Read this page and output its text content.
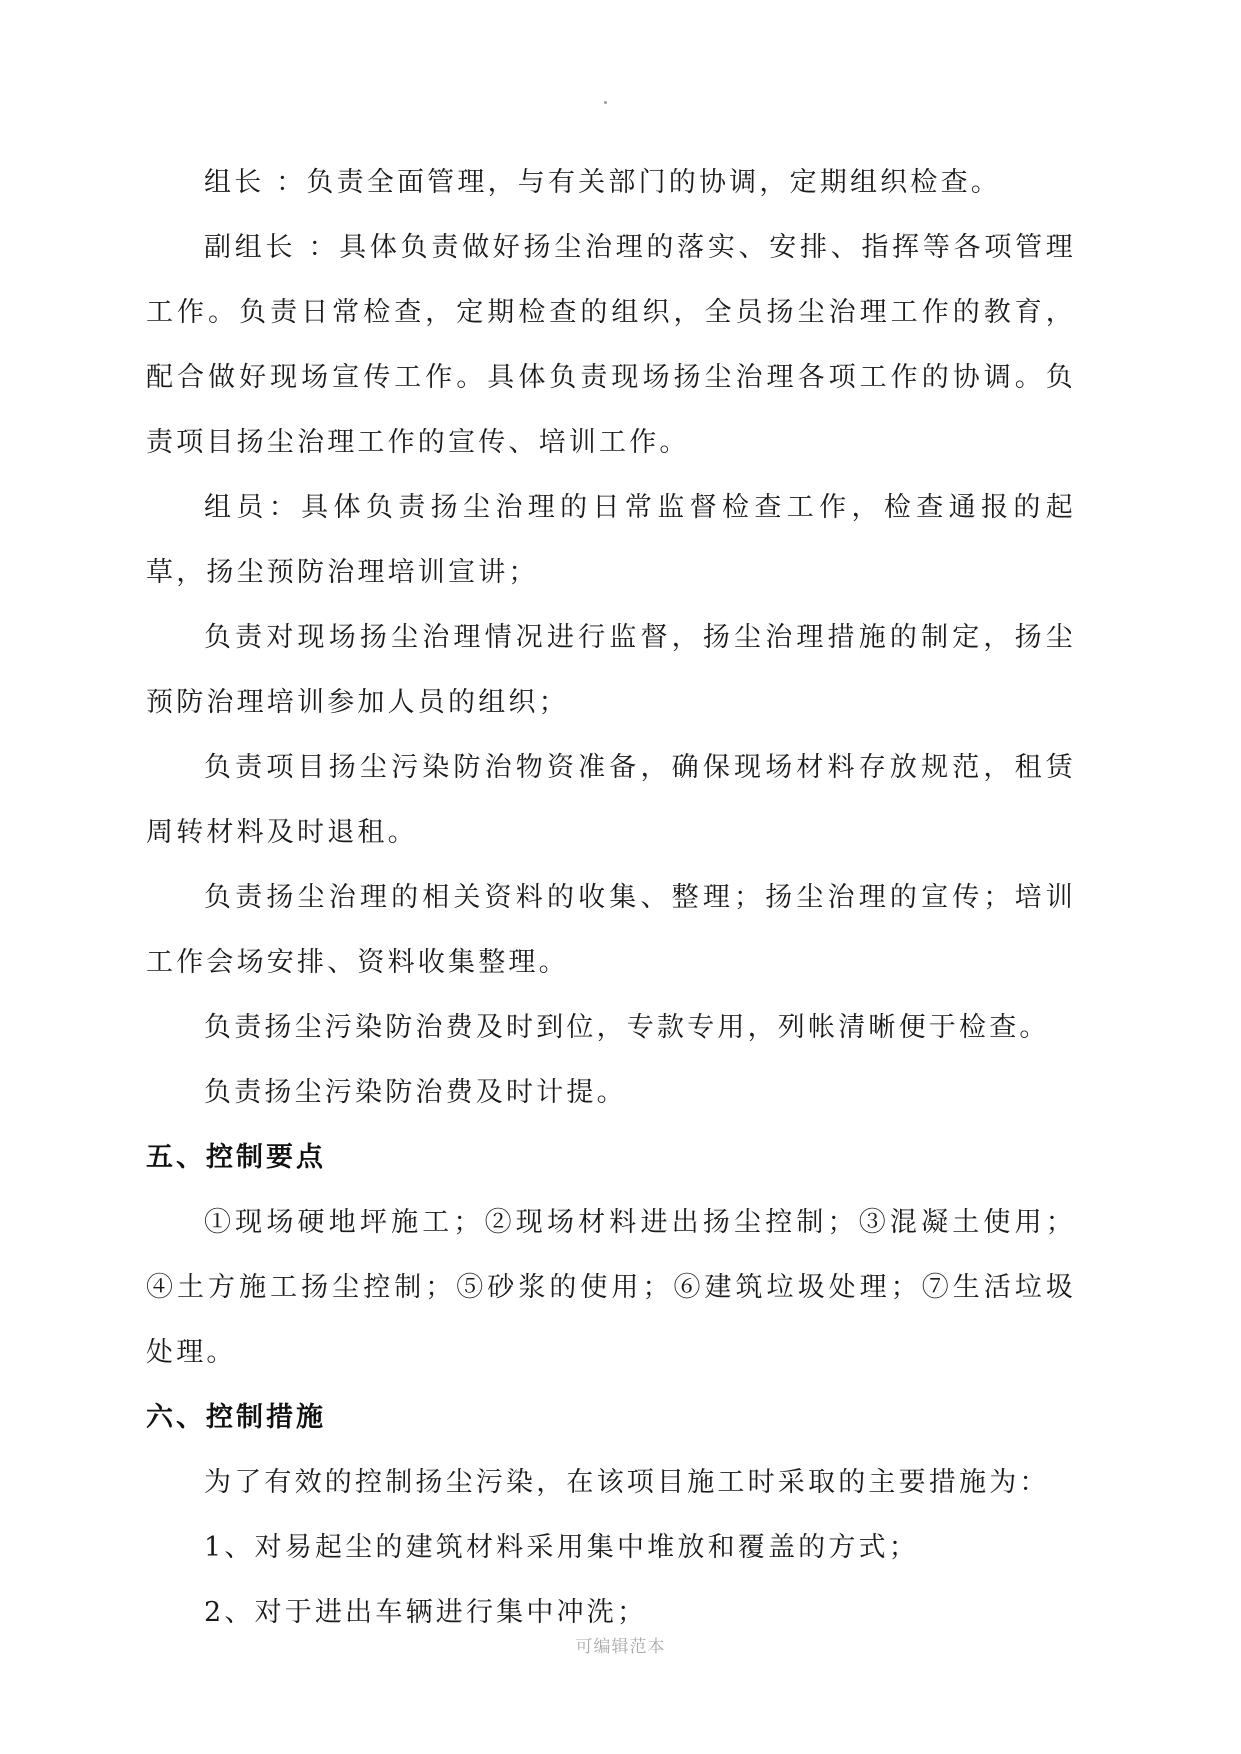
组长 ：负责全面管理，与有关部门的协调，定期组织检查。

副组长 ：具体负责做好扬尘治理的落实、安排、指挥等各项管理工作。负责日常检查，定期检查的组织，全员扬尘治理工作的教育，配合做好现场宣传工作。具体负责现场扬尘治理各项工作的协调。负责项目扬尘治理工作的宣传、培训工作。

组员：具体负责扬尘治理的日常监督检查工作，检查通报的起草，扬尘预防治理培训宣讲；

负责对现场扬尘治理情况进行监督，扬尘治理措施的制定，扬尘预防治理培训参加人员的组织；

负责项目扬尘污染防治物资准备，确保现场材料存放规范，租赁周转材料及时退租。

负责扬尘治理的相关资料的收集、整理；扬尘治理的宣传；培训工作会场安排、资料收集整理。

负责扬尘污染防治费及时到位，专款专用，列帐清晰便于检查。

负责扬尘污染防治费及时计提。

五、控制要点

①现场硬地坪施工；②现场材料进出扬尘控制；③混凝土使用；④土方施工扬尘控制；⑤砂浆的使用；⑥建筑垃圾处理；⑦生活垃圾处理。

六、控制措施

为了有效的控制扬尘污染，在该项目施工时采取的主要措施为：

1、对易起尘的建筑材料采用集中堆放和覆盖的方式；

2、对于进出车辆进行集中冲洗；

可编辑范本
